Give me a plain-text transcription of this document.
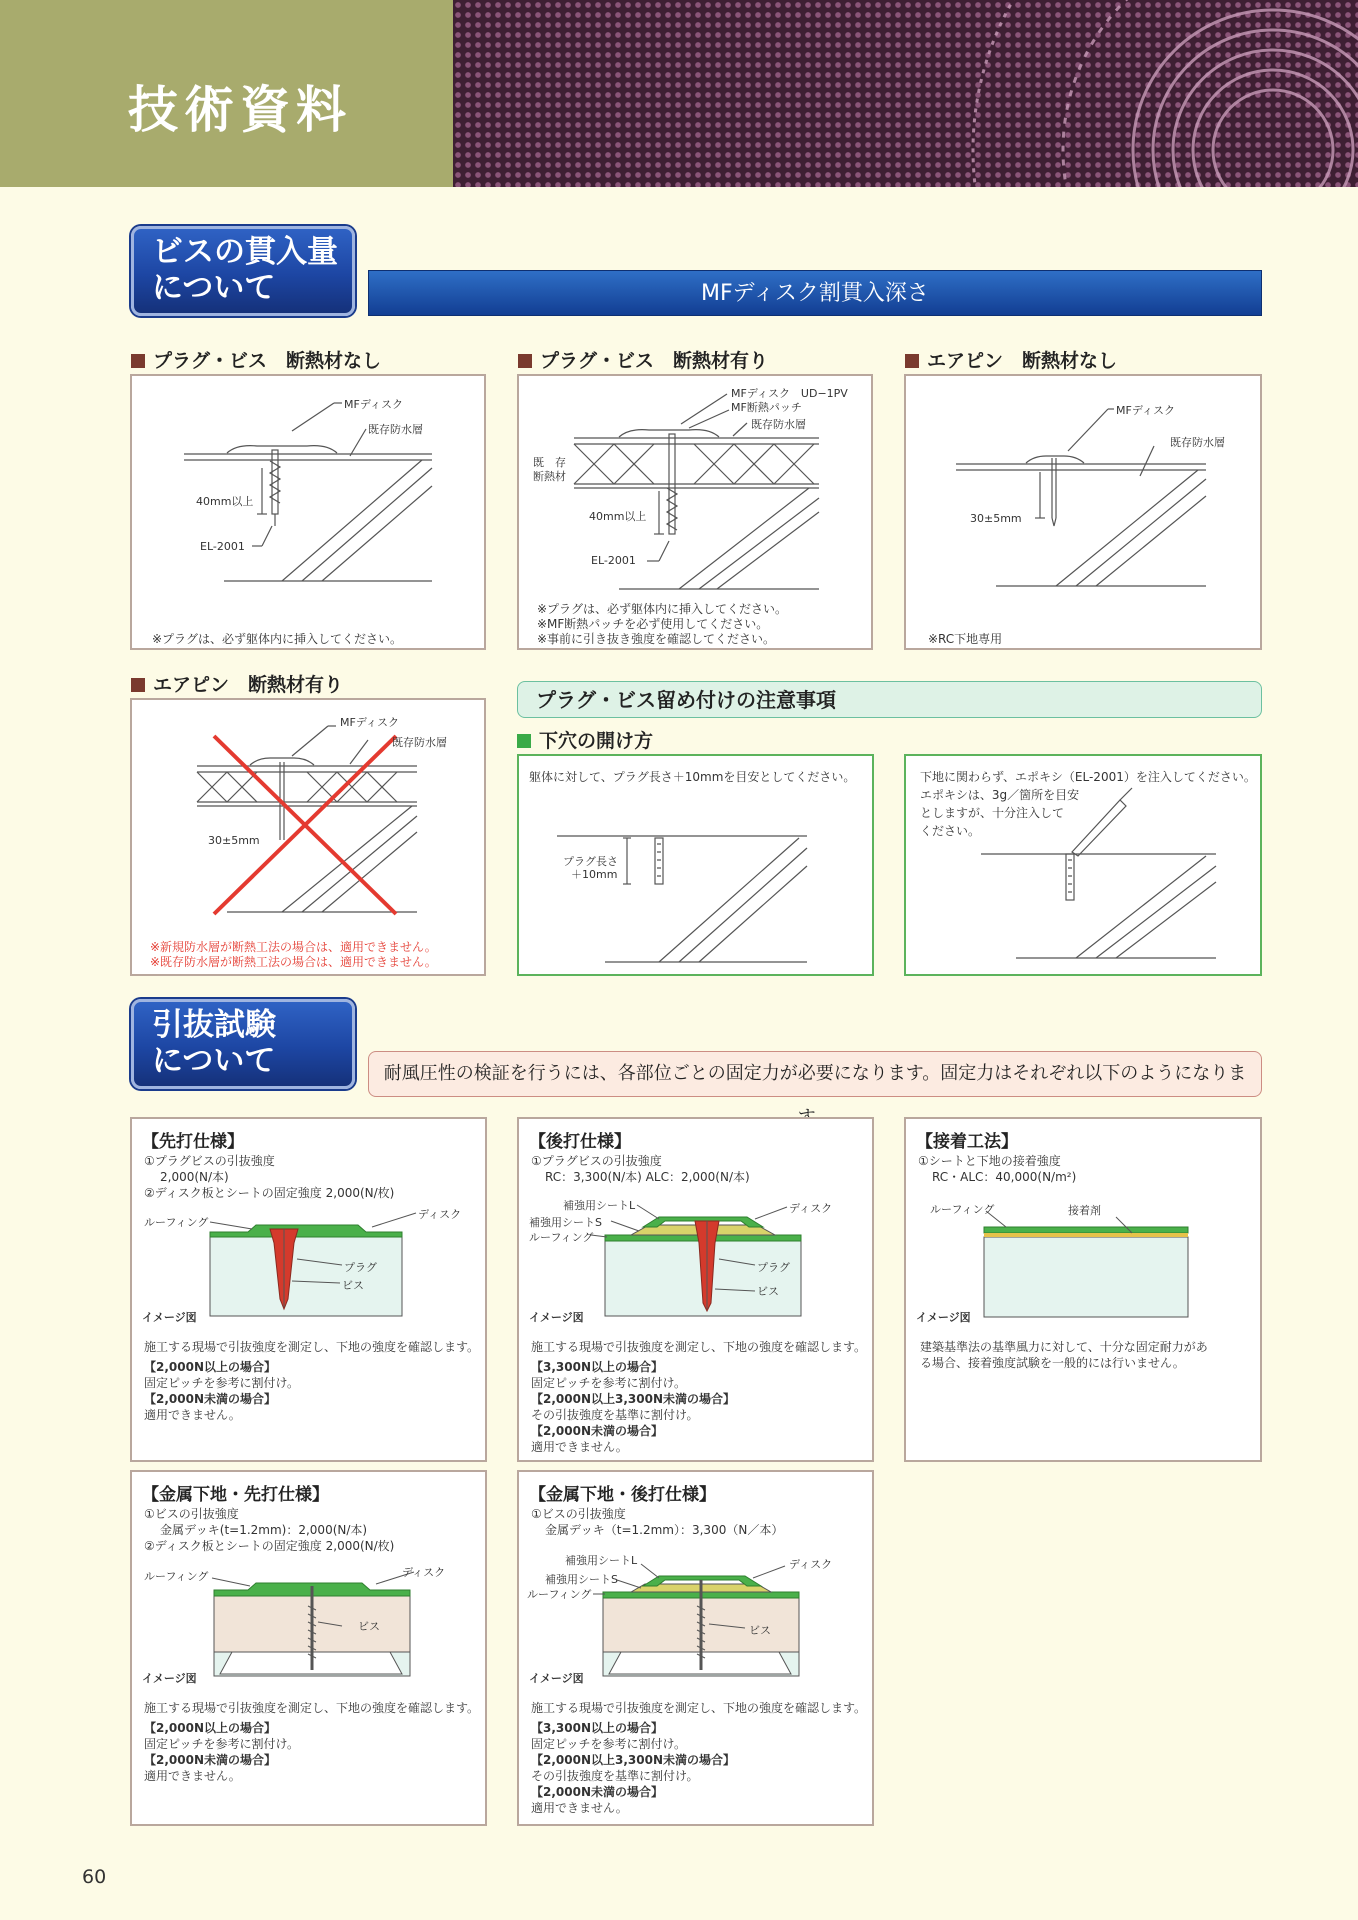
技術資料
ビスの貫入量
について	MFディスク割貫入深さ
プラグ・ビス　断熱材なし	プラグ・ビス　断熱材有り	エアピン　断熱材なし
MFディスク
既存防水層
40mm以上
EL-2001
※プラグは、必ず躯体内に挿入してください。
MFディスク　UD−1PV
MF断熱パッチ
既存防水層
既　存
断熱材
40mm以上
EL-2001
※プラグは、必ず躯体内に挿入してください。
※MF断熱パッチを必ず使用してください。
※事前に引き抜き強度を確認してください。
MFディスク
既存防水層
30±5mm
※RC下地専用
エアピン　断熱材有り
MFディスク
既存防水層
30±5mm
※新規防水層が断熱工法の場合は、適用できません。
※既存防水層が断熱工法の場合は、適用できません。
プラグ・ビス留め付けの注意事項
下穴の開け方
躯体に対して、プラグ長さ＋10mmを目安としてください。
プラグ長さ
＋10mm
下地に関わらず、エポキシ（EL-2001）を注入してください。
エポキシは、3g／箇所を目安
としますが、十分注入して
ください。
引抜試験
について	耐風圧性の検証を行うには、各部位ごとの固定力が必要になります。固定力はそれぞれ以下のようになりま
【先打仕様】
①プラグビスの引抜強度
2,000(N/本)
②ディスク板とシートの固定強度 2,000(N/枚)
ルーフィング
ディスク
プラグ
ビス
イメージ図
施工する現場で引抜強度を測定し、下地の強度を確認します。
【2,000N以上の場合】
固定ピッチを参考に割付け。
【2,000N未満の場合】
適用できません。
【後打仕様】
①プラグビスの引抜強度
RC：3,300(N/本) ALC：2,000(N/本)
補強用シートL
補強用シートS
ルーフィング
ディスク
プラグ
ビス
イメージ図
施工する現場で引抜強度を測定し、下地の強度を確認します。
【3,300N以上の場合】
固定ピッチを参考に割付け。
【2,000N以上3,300N未満の場合】
その引抜強度を基準に割付け。
【2,000N未満の場合】
適用できません。
【接着工法】
①シートと下地の接着強度
RC・ALC：40,000(N/m²)
ルーフィング	接着剤
イメージ図
建築基準法の基準風力に対して、十分な固定耐力があ
る場合、接着強度試験を一般的には行いません。
【金属下地・先打仕様】
①ビスの引抜強度
金属デッキ(t=1.2mm)：2,000(N/本)
②ディスク板とシートの固定強度 2,000(N/枚)
ルーフィング	ディスク
ビス
イメージ図
施工する現場で引抜強度を測定し、下地の強度を確認します。
【2,000N以上の場合】
固定ピッチを参考に割付け。
【2,000N未満の場合】
適用できません。
【金属下地・後打仕様】
①ビスの引抜強度
金属デッキ（t=1.2mm）：3,300（N／本）
補強用シートL
補強用シートS
ルーフィング
ディスク
ビス
イメージ図
施工する現場で引抜強度を測定し、下地の強度を確認します。
【3,300N以上の場合】
固定ピッチを参考に割付け。
【2,000N以上3,300N未満の場合】
その引抜強度を基準に割付け。
【2,000N未満の場合】
適用できません。
60
